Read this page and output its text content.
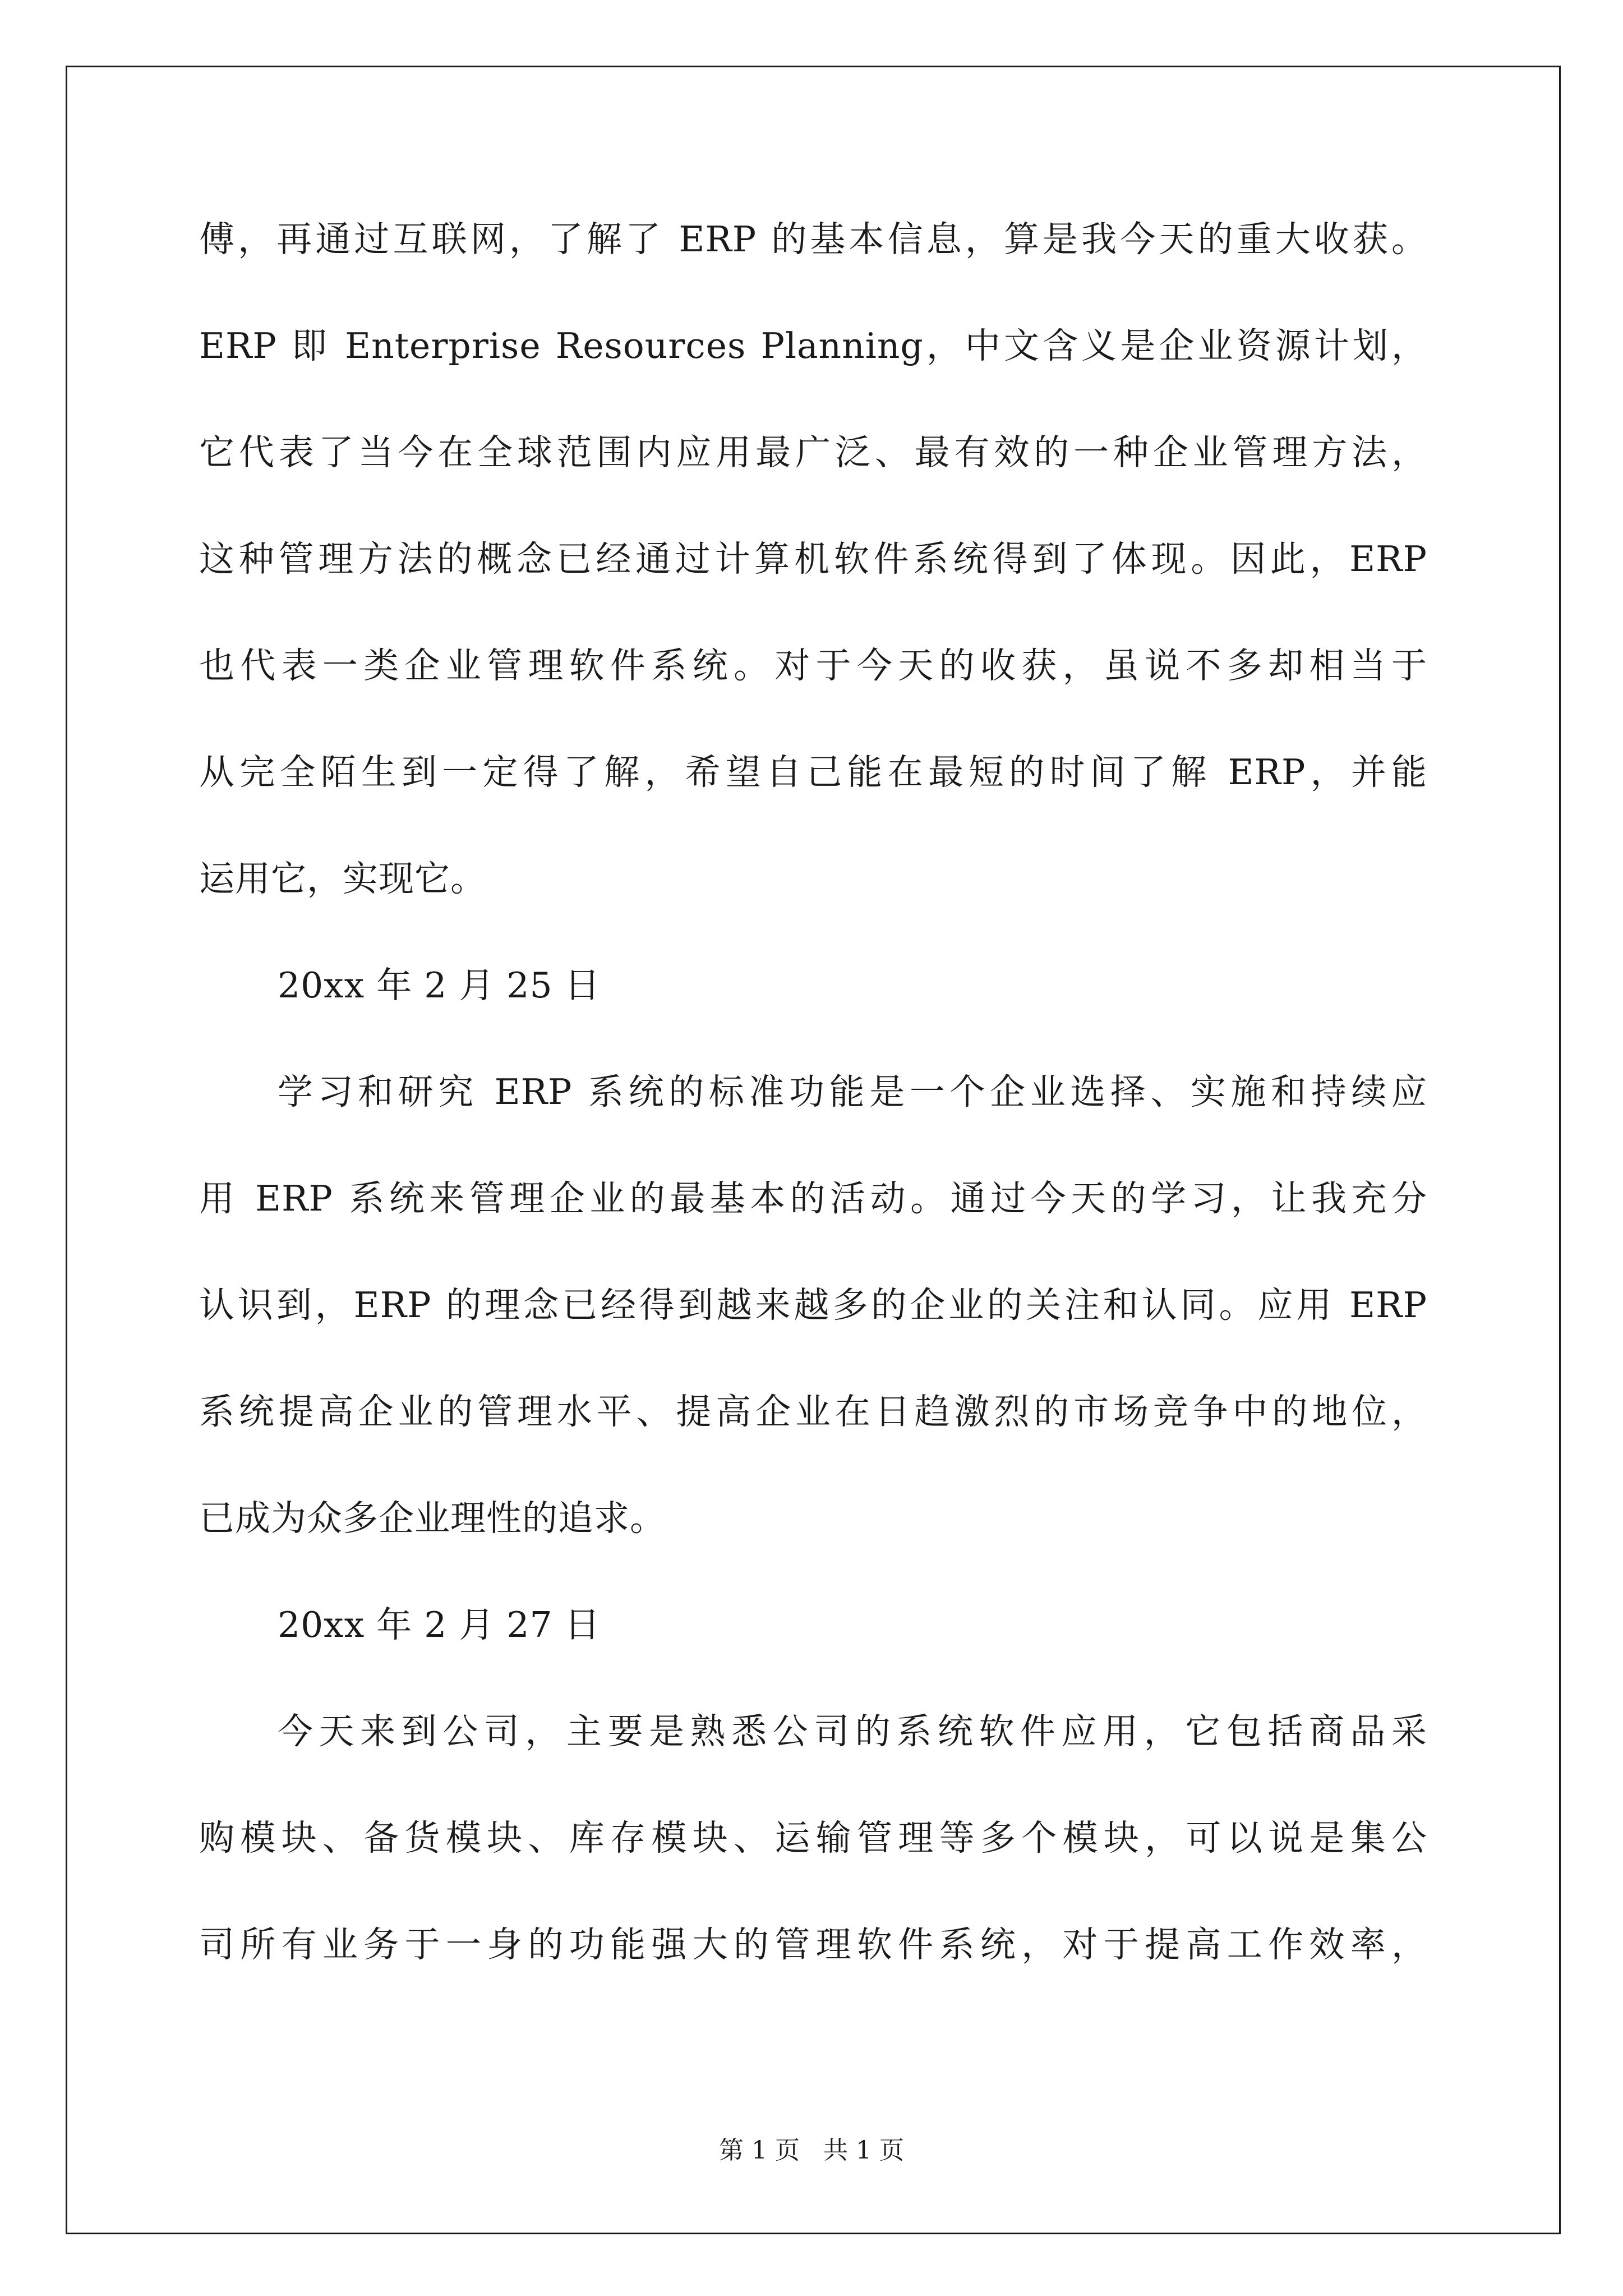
傅，再通过互联网，了解了 ERP 的基本信息，算是我今天的重大收获。
ERP 即 Enterprise Resources Planning，中文含义是企业资源计划，
它代表了当今在全球范围内应用最广泛、最有效的一种企业管理方法，
这种管理方法的概念已经通过计算机软件系统得到了体现。因此，ERP
也代表一类企业管理软件系统。对于今天的收获，虽说不多却相当于
从完全陌生到一定得了解，希望自己能在最短的时间了解 ERP，并能
运用它，实现它。
20xx 年 2 月 25 日
学习和研究 ERP 系统的标准功能是一个企业选择、实施和持续应
用 ERP 系统来管理企业的最基本的活动。通过今天的学习，让我充分
认识到，ERP 的理念已经得到越来越多的企业的关注和认同。应用 ERP
系统提高企业的管理水平、提高企业在日趋激烈的市场竞争中的地位，
已成为众多企业理性的追求。
20xx 年 2 月 27 日
今天来到公司，主要是熟悉公司的系统软件应用，它包括商品采
购模块、备货模块、库存模块、运输管理等多个模块，可以说是集公
司所有业务于一身的功能强大的管理软件系统，对于提高工作效率，
第 1 页   共 1 页
